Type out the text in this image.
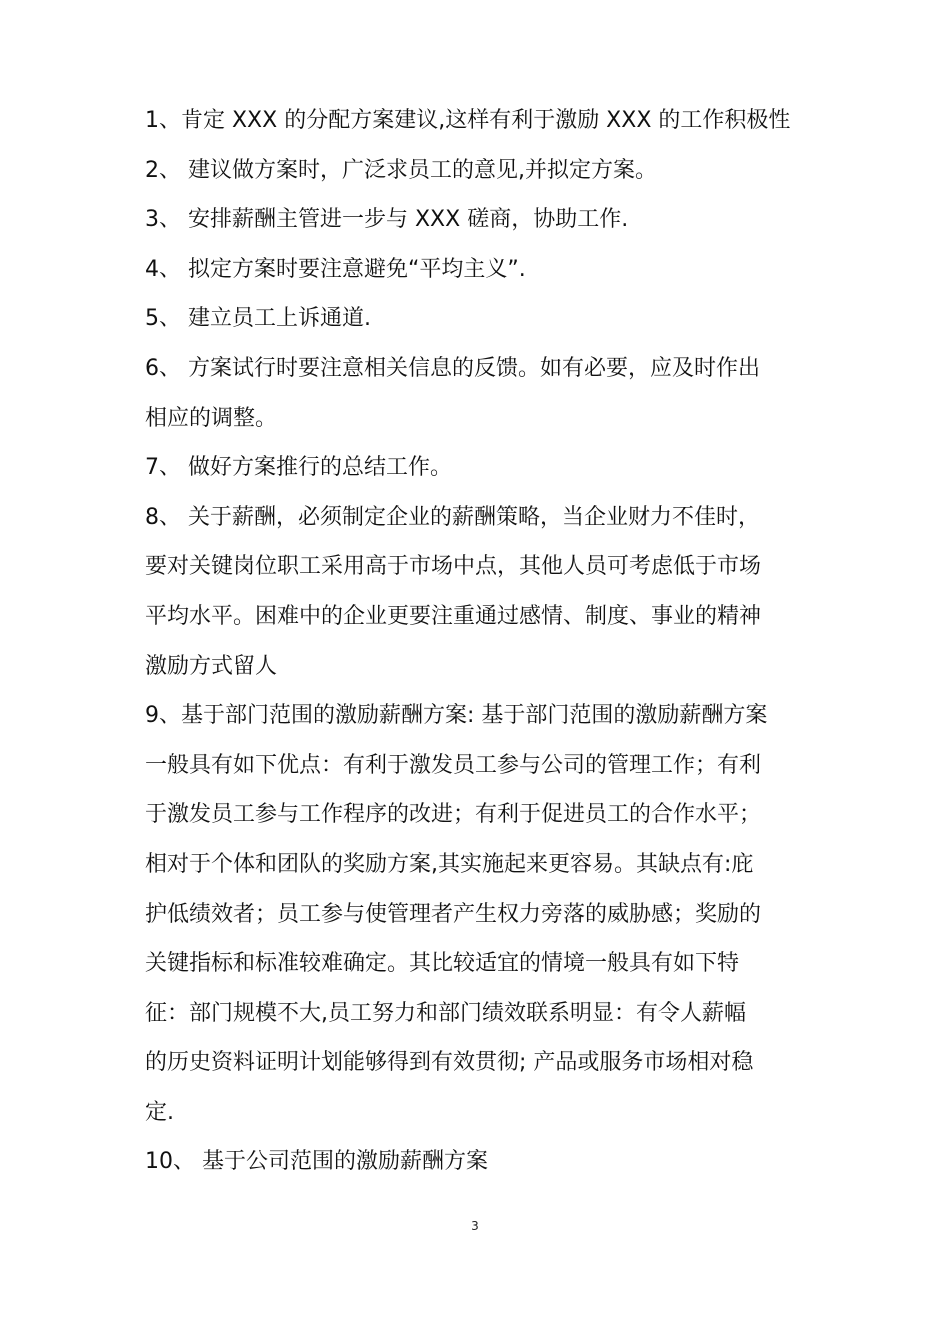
1、肯定 XXX 的分配方案建议,这样有利于激励 XXX 的工作积极性
2、 建议做方案时，广泛求员工的意见,并拟定方案。
3、 安排薪酬主管进一步与 XXX 磋商，协助工作.
4、 拟定方案时要注意避免“平均主义”.
5、 建立员工上诉通道.
6、 方案试行时要注意相关信息的反馈。如有必要，应及时作出
相应的调整。
7、 做好方案推行的总结工作。
8、 关于薪酬，必须制定企业的薪酬策略，当企业财力不佳时，
要对关键岗位职工采用高于市场中点，其他人员可考虑低于市场
平均水平。困难中的企业更要注重通过感情、制度、事业的精神
激励方式留人
9、基于部门范围的激励薪酬方案: 基于部门范围的激励薪酬方案
一般具有如下优点：有利于激发员工参与公司的管理工作；有利
于激发员工参与工作程序的改进；有利于促进员工的合作水平；
相对于个体和团队的奖励方案,其实施起来更容易。其缺点有:庇
护低绩效者；员工参与使管理者产生权力旁落的威胁感；奖励的
关键指标和标准较难确定。其比较适宜的情境一般具有如下特
征：部门规模不大,员工努力和部门绩效联系明显：有令人薪幅
的历史资料证明计划能够得到有效贯彻; 产品或服务市场相对稳
定.
10、 基于公司范围的激励薪酬方案
3
